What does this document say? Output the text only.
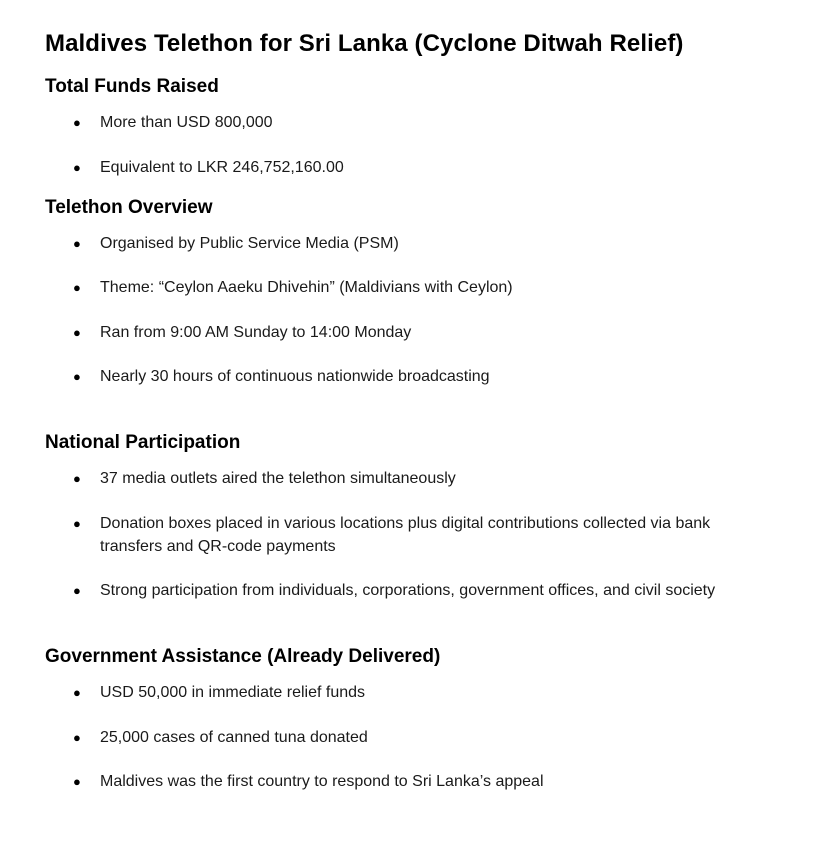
Maldives Telethon for Sri Lanka (Cyclone Ditwah Relief)
Total Funds Raised
● More than USD 800,000
● Equivalent to LKR 246,752,160.00
Telethon Overview
● Organised by Public Service Media (PSM)
● Theme: “Ceylon Aaeku Dhivehin” (Maldivians with Ceylon)
● Ran from 9:00 AM Sunday to 14:00 Monday
● Nearly 30 hours of continuous nationwide broadcasting
National Participation
● 37 media outlets aired the telethon simultaneously
● Donation boxes placed in various locations plus digital contributions collected via bank transfers and QR-code payments
● Strong participation from individuals, corporations, government offices, and civil society
Government Assistance (Already Delivered)
● USD 50,000 in immediate relief funds
● 25,000 cases of canned tuna donated
● Maldives was the first country to respond to Sri Lanka’s appeal
